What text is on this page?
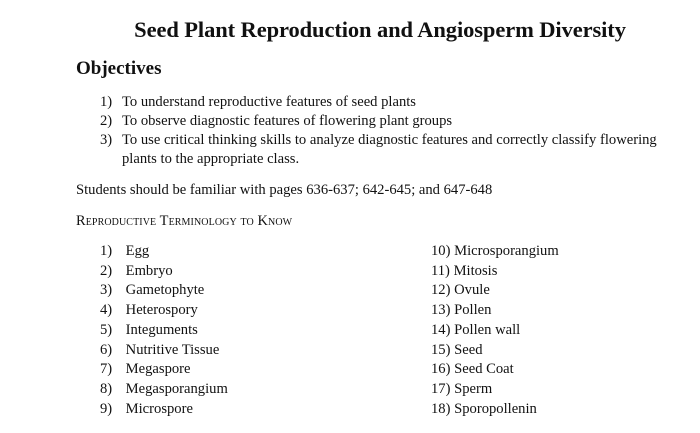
Seed Plant Reproduction and Angiosperm Diversity
Objectives
1) To understand reproductive features of seed plants
2) To observe diagnostic features of flowering plant groups
3) To use critical thinking skills to analyze diagnostic features and correctly classify flowering plants to the appropriate class.
Students should be familiar with pages 636-637; 642-645; and 647-648
Reproductive Terminology to Know
1) Egg
2) Embryo
3) Gametophyte
4) Heterospory
5) Integuments
6) Nutritive Tissue
7) Megaspore
8) Megasporangium
9) Microspore
10) Microsporangium
11) Mitosis
12) Ovule
13) Pollen
14) Pollen wall
15) Seed
16) Seed Coat
17) Sperm
18) Sporopollenin
